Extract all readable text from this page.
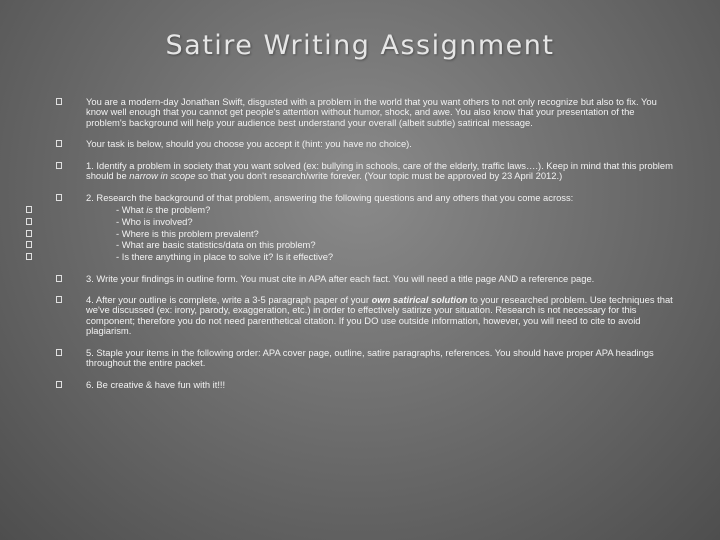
Satire Writing Assignment
You are a modern-day Jonathan Swift, disgusted with a problem in the world that you want others to not only recognize but also to fix. You know well enough that you cannot get people's attention without humor, shock, and awe. You also know that your presentation of the problem's background will help your audience best understand your overall (albeit subtle) satirical message.
Your task is below, should you choose you accept it (hint: you have no choice).
1. Identify a problem in society that you want solved (ex: bullying in schools, care of the elderly, traffic laws….). Keep in mind that this problem should be narrow in scope so that you don't research/write forever. (Your topic must be approved by 23 April 2012.)
2. Research the background of that problem, answering the following questions and any others that you come across:
- What is the problem?
- Who is involved?
- Where is this problem prevalent?
- What are basic statistics/data on this problem?
- Is there anything in place to solve it? Is it effective?
3. Write your findings in outline form. You must cite in APA after each fact. You will need a title page AND a reference page.
4. After your outline is complete, write a 3-5 paragraph paper of your own satirical solution to your researched problem. Use techniques that we've discussed (ex: irony, parody, exaggeration, etc.) in order to effectively satirize your situation. Research is not necessary for this component; therefore you do not need parenthetical citation. If you DO use outside information, however, you will need to cite to avoid plagiarism.
5. Staple your items in the following order: APA cover page, outline, satire paragraphs, references. You should have proper APA headings throughout the entire packet.
6. Be creative & have fun with it!!!
